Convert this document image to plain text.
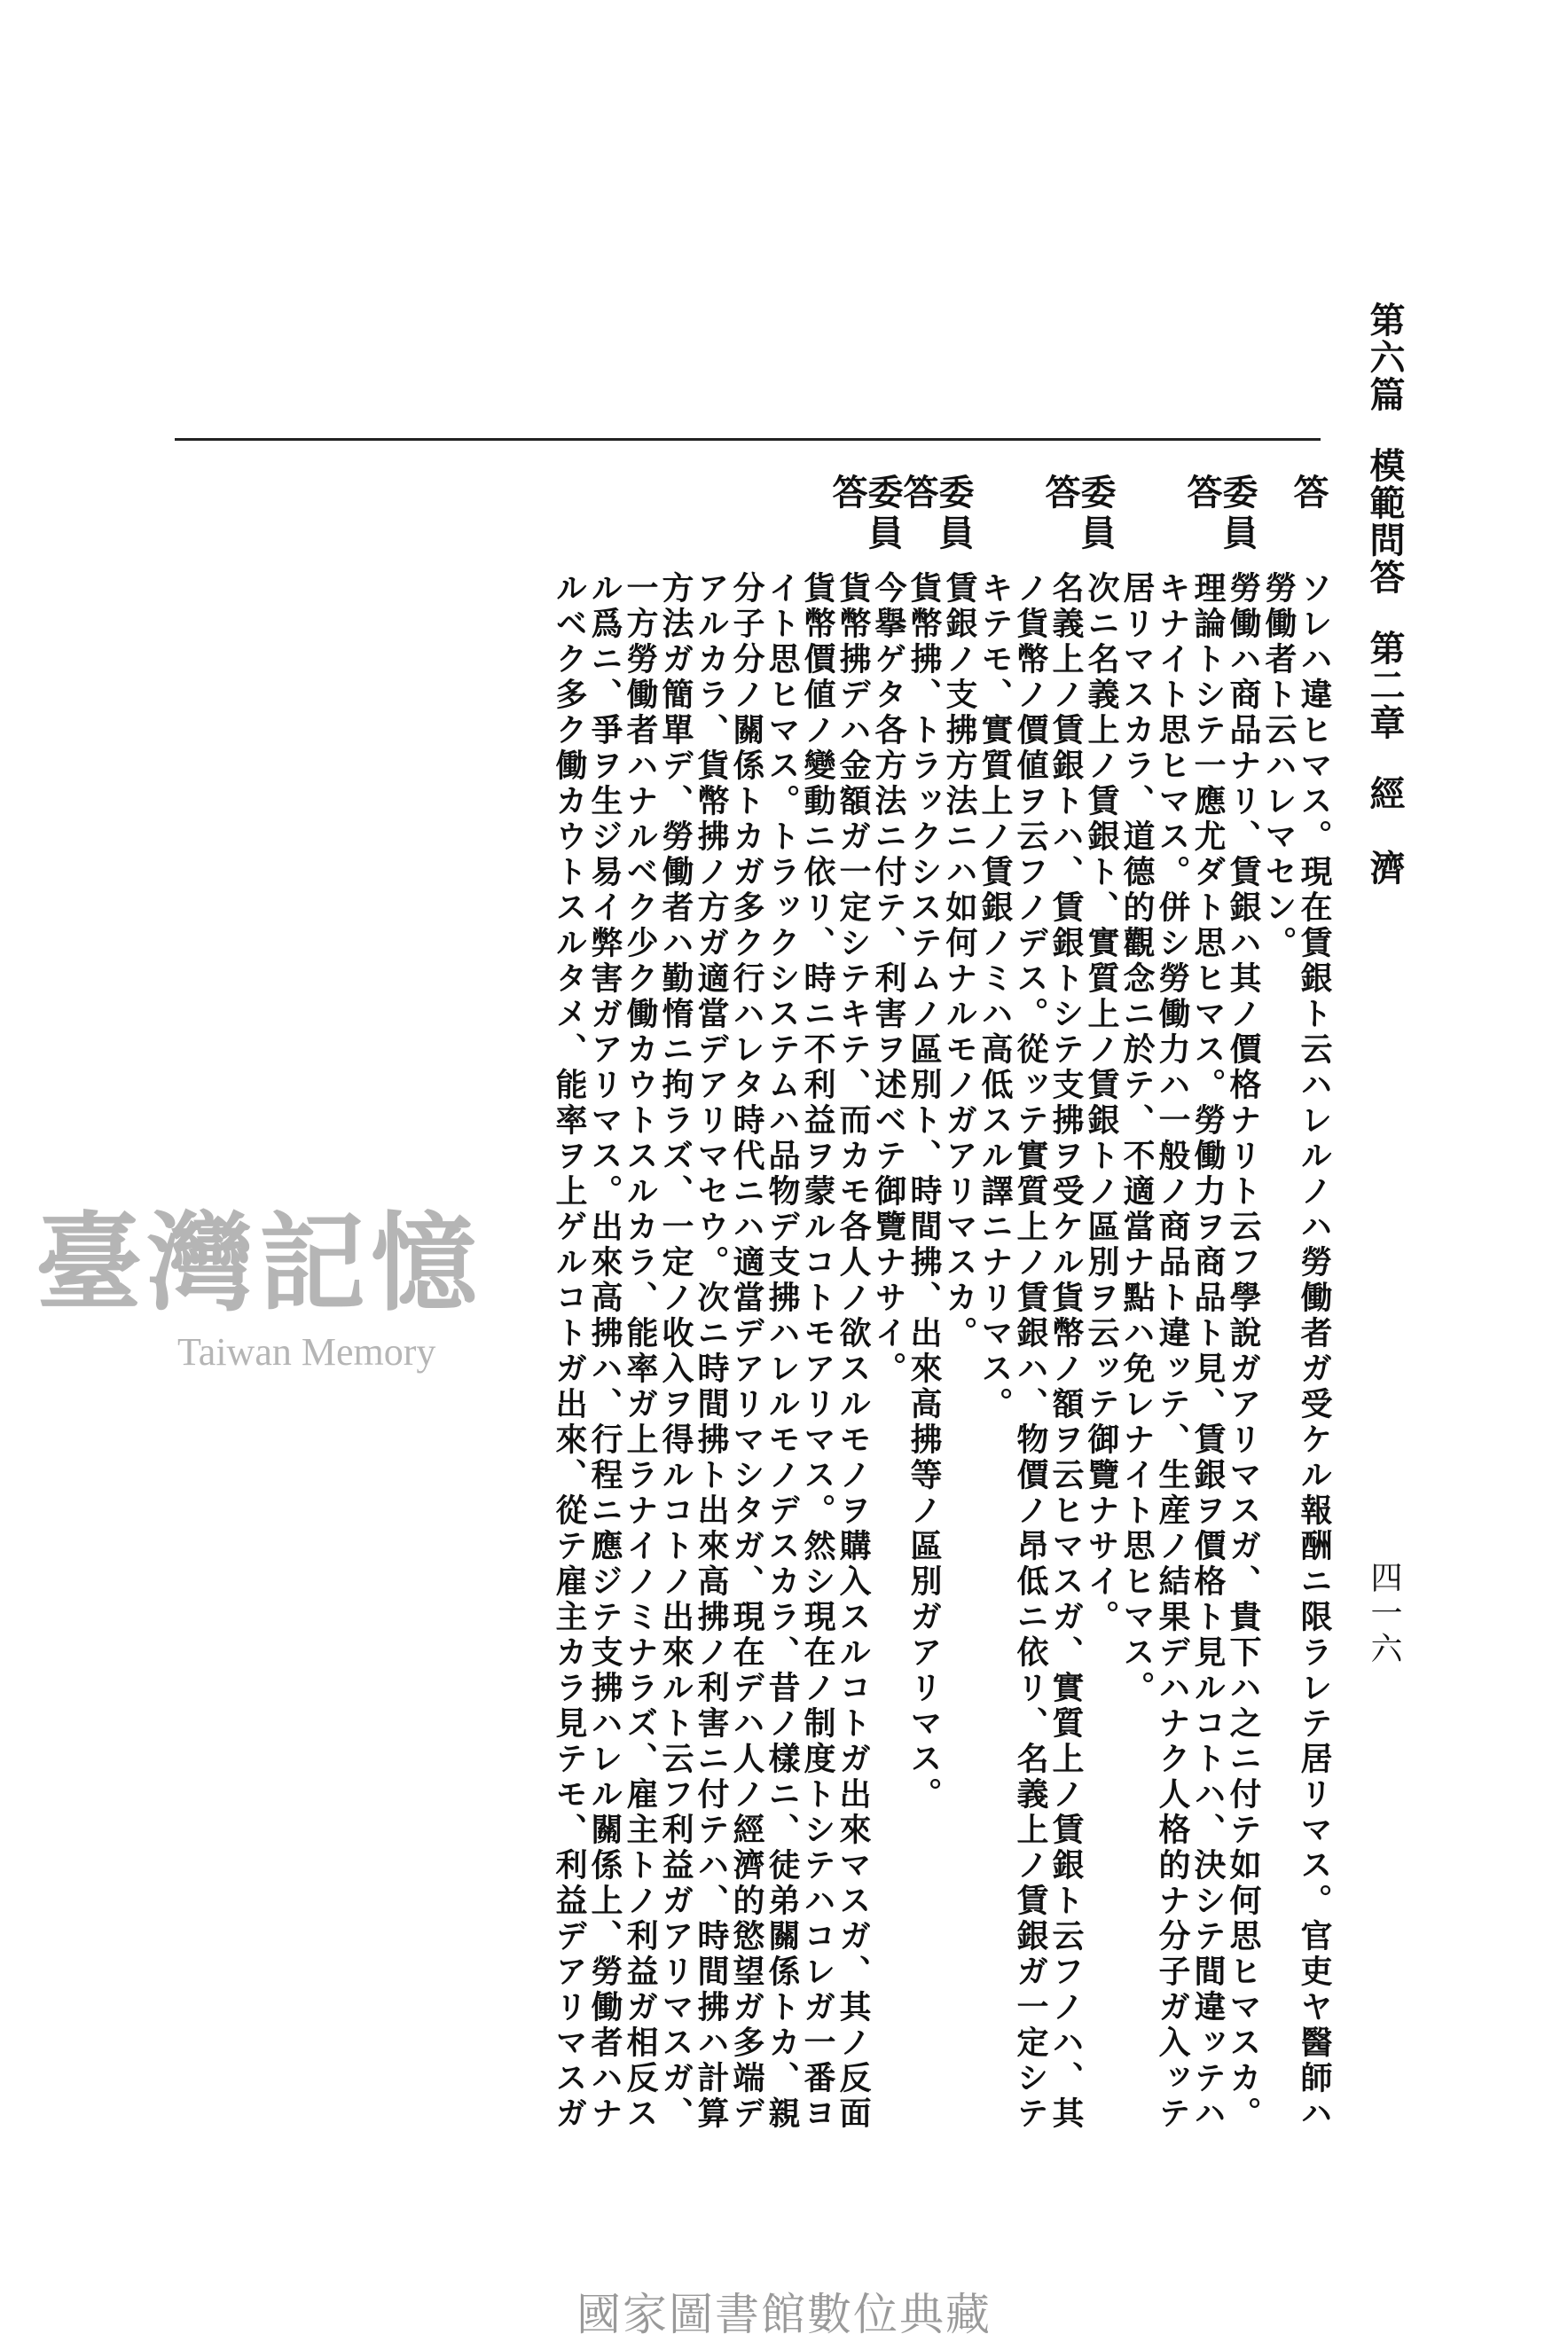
第六篇 模範問答 第二章 經　濟
四一六
答
ソレハ違ヒマス。現在賃銀ト云ハレルノハ勞働者ガ受ケル報酬ニ限ラレテ居リマス。官吏ヤ醫師ハ
勞働者ト云ハレマセン。
委員
勞働ハ商品ナリ、賃銀ハ其ノ價格ナリト云フ學說ガアリマスガ、貴下ハ之ニ付テ如何思ヒマスカ。
答
理論トシテ一應尤ダト思ヒマス。勞働力ヲ商品ト見、賃銀ヲ價格ト見ルコトハ、決シテ間違ッテハ
キナイト思ヒマス。併シ勞働力ハ一般ノ商品ト違ッテ、生産ノ結果デハナク人格的ナ分子ガ入ッテ
居リマスカラ、道德的觀念ニ於テ、不適當ナ點ハ免レナイト思ヒマス。
委員
次ニ名義上ノ賃銀ト、實質上ノ賃銀トノ區別ヲ云ッテ御覽ナサイ。
答
名義上ノ賃銀トハ、賃銀トシテ支拂ヲ受ケル貨幣ノ額ヲ云ヒマスガ、實質上ノ賃銀ト云フノハ、其
ノ貨幣ノ價値ヲ云フノデス。從ッテ實質上ノ賃銀ハ、物價ノ昂低ニ依リ、名義上ノ賃銀ガ一定シテ
キテモ、實質上ノ賃銀ノミハ高低スル譯ニナリマス。
委員
賃銀ノ支拂方法ニハ如何ナルモノガアリマスカ。
答
貨幣拂、トラックシステムノ區別ト、時間拂、出來高拂等ノ區別ガアリマス。
委員
今擧ゲタ各方法ニ付テ、利害ヲ述ベテ御覽ナサイ。
答
貨幣拂デハ金額ガ一定シテキテ、而カモ各人ノ欲スルモノヲ購入スルコトガ出來マスガ、其ノ反面
貨幣價値ノ變動ニ依リ、時ニ不利益ヲ蒙ルコトモアリマス。然シ現在ノ制度トシテハコレガ一番ヨ
イト思ヒマス。トラックシステムハ品物デ支拂ハレルモノデスカラ、昔ノ樣ニ、徒弟關係トカ、親
分子分ノ關係トカガ多ク行ハレタ時代ニハ適當デアリマシタガ、現在デハ人ノ經濟的慾望ガ多端デ
アルカラ、貨幣拂ノ方ガ適當デアリマセウ。次ニ時間拂ト出來高拂ノ利害ニ付テハ、時間拂ハ計算
方法ガ簡單デ、勞働者ハ勤惰ニ拘ラズ、一定ノ收入ヲ得ルコトノ出來ルト云フ利益ガアリマスガ、
一方勞働者ハナルベク少ク働カウトスルカラ、能率ガ上ラナイノミナラズ、雇主トノ利益ガ相反ス
ル爲ニ、爭ヲ生ジ易イ弊害ガアリマス。出來高拂ハ、行程ニ應ジテ支拂ハレル關係上、勞働者ハナ
ルベク多ク働カウトスルタメ、能率ヲ上ゲルコトガ出來、從テ雇主カラ見テモ、利益デアリマスガ
臺灣記憶
Taiwan Memory
國家圖書館數位典藏
